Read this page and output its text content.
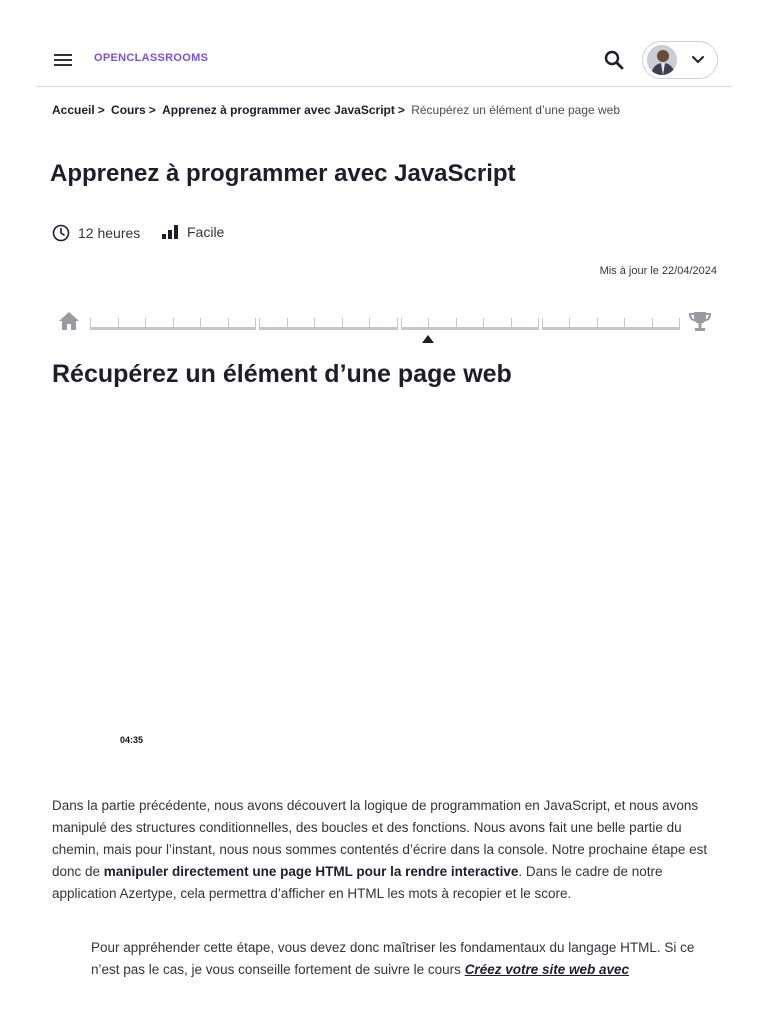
OPENCLASSROOMS
Accueil > Cours > Apprenez à programmer avec JavaScript > Récupérez un élément d’une page web
Apprenez à programmer avec JavaScript
12 heures	Facile
Mis à jour le 22/04/2024
Récupérez un élément d’une page web
04:35

Dans la partie précédente, nous avons découvert la logique de programmation en JavaScript, et nous avons manipulé des structures conditionnelles, des boucles et des fonctions. Nous avons fait une belle partie du chemin, mais pour l’instant, nous nous sommes contentés d’écrire dans la console. Notre prochaine étape est donc de manipuler directement une page HTML pour la rendre interactive. Dans le cadre de notre application Azertype, cela permettra d’afficher en HTML les mots à recopier et le score.

Pour appréhender cette étape, vous devez donc maîtriser les fondamentaux du langage HTML. Si ce n’est pas le cas, je vous conseille fortement de suivre le cours Créez votre site web avec
